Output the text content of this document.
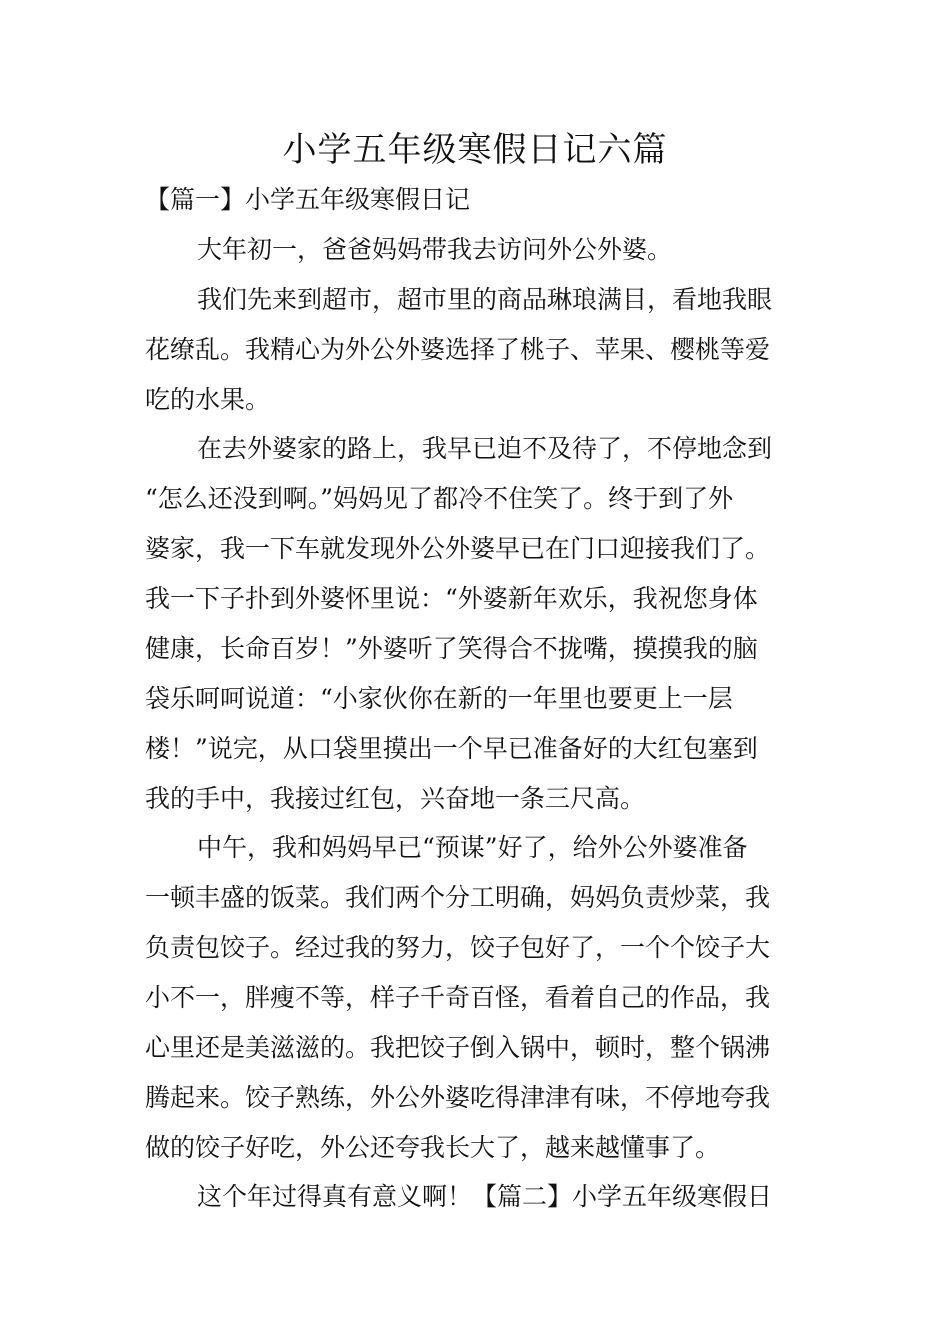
小学五年级寒假日记六篇
【篇一】小学五年级寒假日记

大年初一，爸爸妈妈带我去访问外公外婆。

我们先来到超市，超市里的商品琳琅满目，看地我眼

花缭乱。我精心为外公外婆选择了桃子、苹果、樱桃等爱

吃的水果。

在去外婆家的路上，我早已迫不及待了，不停地念到

“怎么还没到啊。”妈妈见了都冷不住笑了。终于到了外

婆家，我一下车就发现外公外婆早已在门口迎接我们了。

我一下子扑到外婆怀里说：“外婆新年欢乐，我祝您身体

健康，长命百岁！”外婆听了笑得合不拢嘴，摸摸我的脑

袋乐呵呵说道：“小家伙你在新的一年里也要更上一层

楼！”说完，从口袋里摸出一个早已准备好的大红包塞到

我的手中，我接过红包，兴奋地一条三尺高。

中午，我和妈妈早已“预谋”好了，给外公外婆准备

一顿丰盛的饭菜。我们两个分工明确，妈妈负责炒菜，我

负责包饺子。经过我的努力，饺子包好了，一个个饺子大

小不一，胖瘦不等，样子千奇百怪，看着自己的作品，我

心里还是美滋滋的。我把饺子倒入锅中，顿时，整个锅沸

腾起来。饺子熟练，外公外婆吃得津津有味，不停地夸我

做的饺子好吃，外公还夸我长大了，越来越懂事了。

这个年过得真有意义啊！【篇二】小学五年级寒假日
